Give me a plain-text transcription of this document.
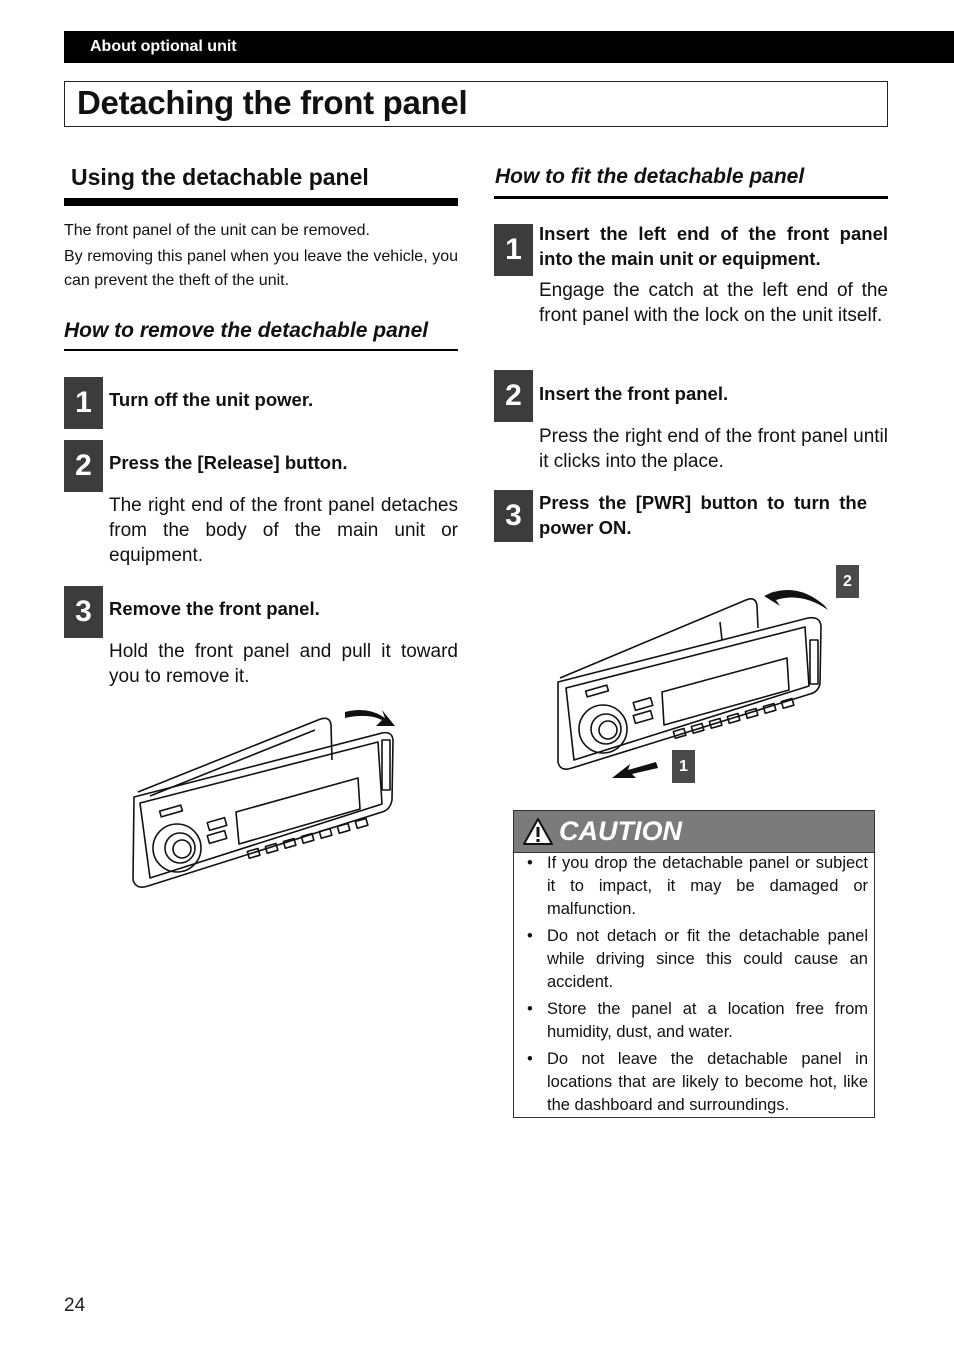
About optional unit
Detaching the front panel
Using the detachable panel
The front panel of the unit can be removed.
By removing this panel when you leave the vehicle, you can prevent the theft of the unit.
How to remove the detachable panel
1 Turn off the unit power.
2 Press the [Release] button.
The right end of the front panel detaches from the body of the main unit or equipment.
3 Remove the front panel.
Hold the front panel and pull it toward you to remove it.
How to fit the detachable panel
1 Insert the left end of the front panel into the main unit or equipment.
Engage the catch at the left end of the front panel with the lock on the unit itself.
2 Insert the front panel.
Press the right end of the front panel until it clicks into the place.
3 Press the [PWR] button to turn the power ON.
2
1
CAUTION
• If you drop the detachable panel or subject it to impact, it may be damaged or malfunction.
• Do not detach or fit the detachable panel while driving since this could cause an accident.
• Store the panel at a location free from humidity, dust, and water.
• Do not leave the detachable panel in locations that are likely to become hot, like the dashboard and surroundings.
24
